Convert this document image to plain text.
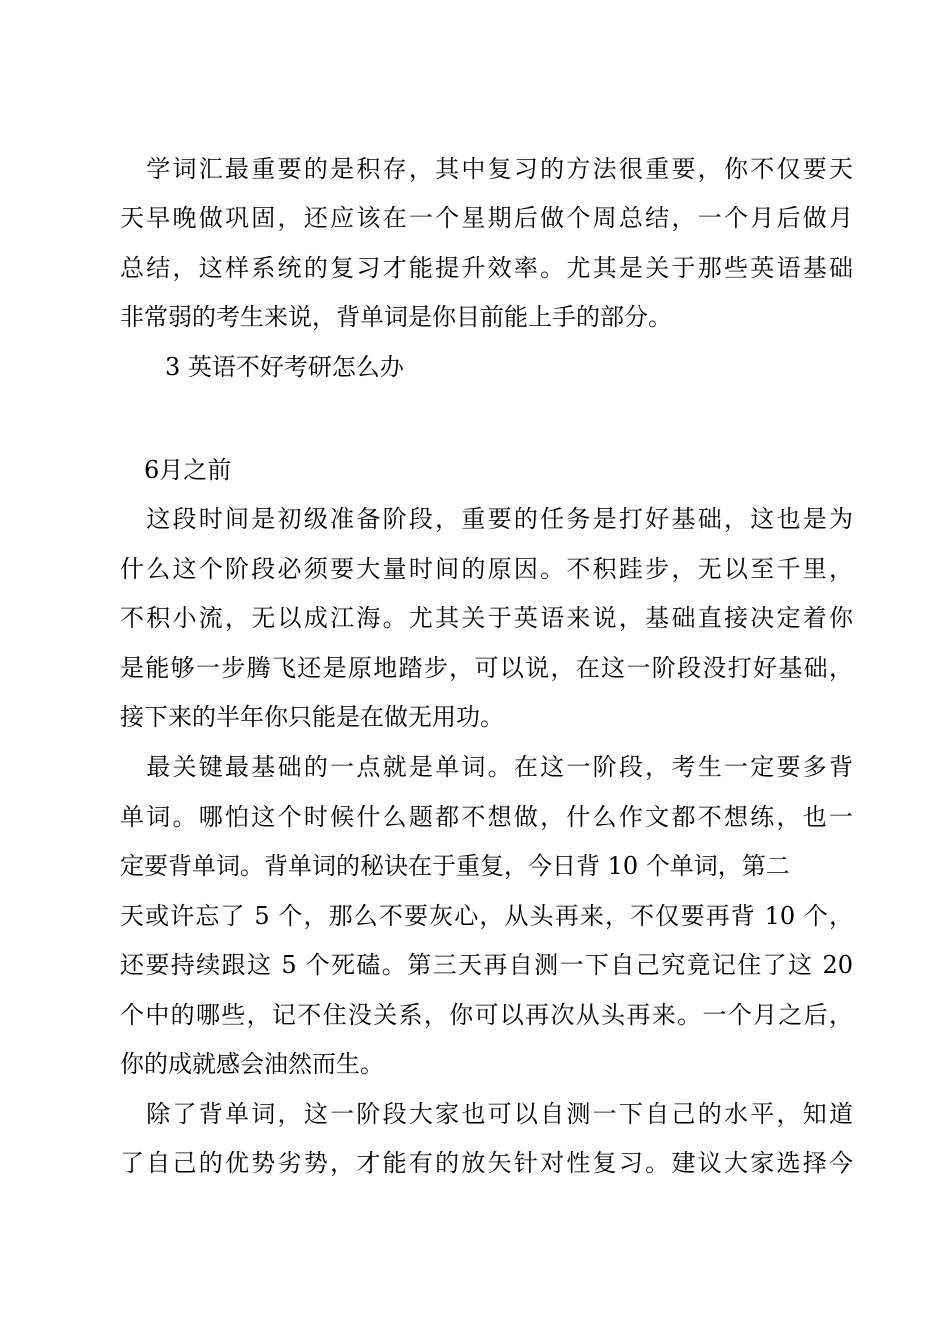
　学词汇最重要的是积存，其中复习的方法很重要，你不仅要天

天早晚做巩固，还应该在一个星期后做个周总结，一个月后做月

总结，这样系统的复习才能提升效率。尤其是关于那些英语基础

非常弱的考生来说，背单词是你目前能上手的部分。

3 英语不好考研怎么办
6月之前

　这段时间是初级准备阶段，重要的任务是打好基础，这也是为

什么这个阶段必须要大量时间的原因。不积跬步，无以至千里，

不积小流，无以成江海。尤其关于英语来说，基础直接决定着你

是能够一步腾飞还是原地踏步，可以说，在这一阶段没打好基础，

接下来的半年你只能是在做无用功。

　最关键最基础的一点就是单词。在这一阶段，考生一定要多背

单词。哪怕这个时候什么题都不想做，什么作文都不想练，也一

定要背单词。背单词的秘诀在于重复，今日背 10 个单词，第二

天或许忘了 5 个，那么不要灰心，从头再来，不仅要再背 10 个，

还要持续跟这 5 个死磕。第三天再自测一下自己究竟记住了这 20

个中的哪些，记不住没关系，你可以再次从头再来。一个月之后，

你的成就感会油然而生。

　除了背单词，这一阶段大家也可以自测一下自己的水平，知道

了自己的优势劣势，才能有的放矢针对性复习。建议大家选择今
